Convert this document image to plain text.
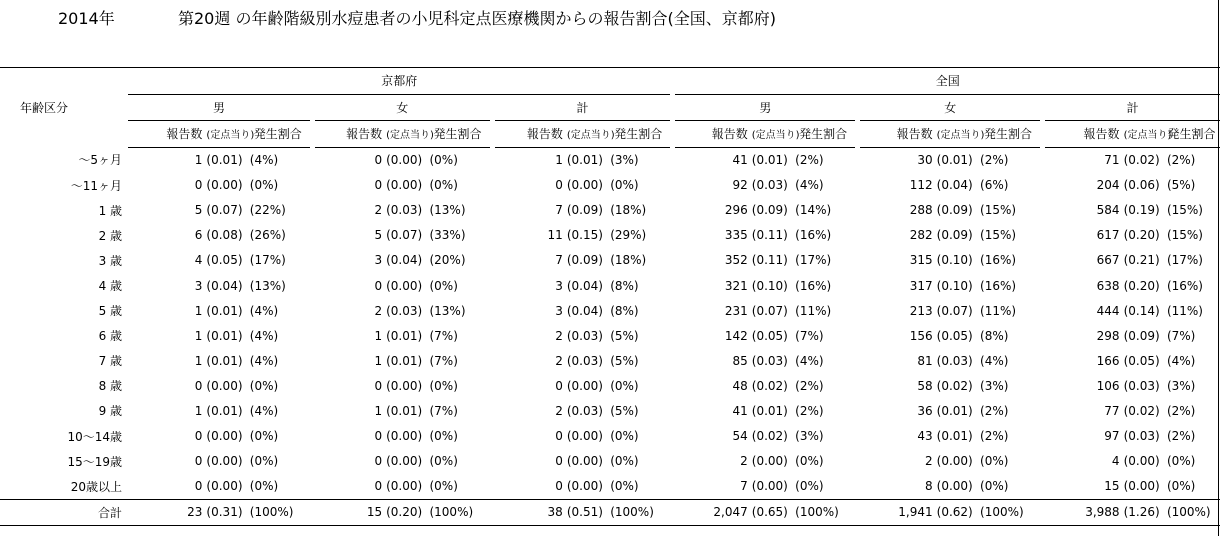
2014年	第20週 の年齢階級別水痘患者の小児科定点医療機関からの報告割合(全国、京都府)
年齢区分	京都府												全国										
	男				女				計				男				女				計		
	報告数	(定点当り)	発生割合		報告数	(定点当り)	発生割合		報告数	(定点当り)	発生割合		報告数	(定点当り)	発生割合		報告数	(定点当り)	発生割合		報告数	(定点当り)	発生割合
～5ヶ月	1	(0.01)	(4%)		0	(0.00)	(0%)		1	(0.01)	(3%)		41	(0.01)	(2%)		30	(0.01)	(2%)		71	(0.02)	(2%)
～11ヶ月	0	(0.00)	(0%)		0	(0.00)	(0%)		0	(0.00)	(0%)		92	(0.03)	(4%)		112	(0.04)	(6%)		204	(0.06)	(5%)
1 歳	5	(0.07)	(22%)		2	(0.03)	(13%)		7	(0.09)	(18%)		296	(0.09)	(14%)		288	(0.09)	(15%)		584	(0.19)	(15%)
2 歳	6	(0.08)	(26%)		5	(0.07)	(33%)		11	(0.15)	(29%)		335	(0.11)	(16%)		282	(0.09)	(15%)		617	(0.20)	(15%)
3 歳	4	(0.05)	(17%)		3	(0.04)	(20%)		7	(0.09)	(18%)		352	(0.11)	(17%)		315	(0.10)	(16%)		667	(0.21)	(17%)
4 歳	3	(0.04)	(13%)		0	(0.00)	(0%)		3	(0.04)	(8%)		321	(0.10)	(16%)		317	(0.10)	(16%)		638	(0.20)	(16%)
5 歳	1	(0.01)	(4%)		2	(0.03)	(13%)		3	(0.04)	(8%)		231	(0.07)	(11%)		213	(0.07)	(11%)		444	(0.14)	(11%)
6 歳	1	(0.01)	(4%)		1	(0.01)	(7%)		2	(0.03)	(5%)		142	(0.05)	(7%)		156	(0.05)	(8%)		298	(0.09)	(7%)
7 歳	1	(0.01)	(4%)		1	(0.01)	(7%)		2	(0.03)	(5%)		85	(0.03)	(4%)		81	(0.03)	(4%)		166	(0.05)	(4%)
8 歳	0	(0.00)	(0%)		0	(0.00)	(0%)		0	(0.00)	(0%)		48	(0.02)	(2%)		58	(0.02)	(3%)		106	(0.03)	(3%)
9 歳	1	(0.01)	(4%)		1	(0.01)	(7%)		2	(0.03)	(5%)		41	(0.01)	(2%)		36	(0.01)	(2%)		77	(0.02)	(2%)
10～14歳	0	(0.00)	(0%)		0	(0.00)	(0%)		0	(0.00)	(0%)		54	(0.02)	(3%)		43	(0.01)	(2%)		97	(0.03)	(2%)
15～19歳	0	(0.00)	(0%)		0	(0.00)	(0%)		0	(0.00)	(0%)		2	(0.00)	(0%)		2	(0.00)	(0%)		4	(0.00)	(0%)
20歳以上	0	(0.00)	(0%)		0	(0.00)	(0%)		0	(0.00)	(0%)		7	(0.00)	(0%)		8	(0.00)	(0%)		15	(0.00)	(0%)
合計	23	(0.31)	(100%)		15	(0.20)	(100%)		38	(0.51)	(100%)		2,047	(0.65)	(100%)		1,941	(0.62)	(100%)		3,988	(1.26)	(100%)
